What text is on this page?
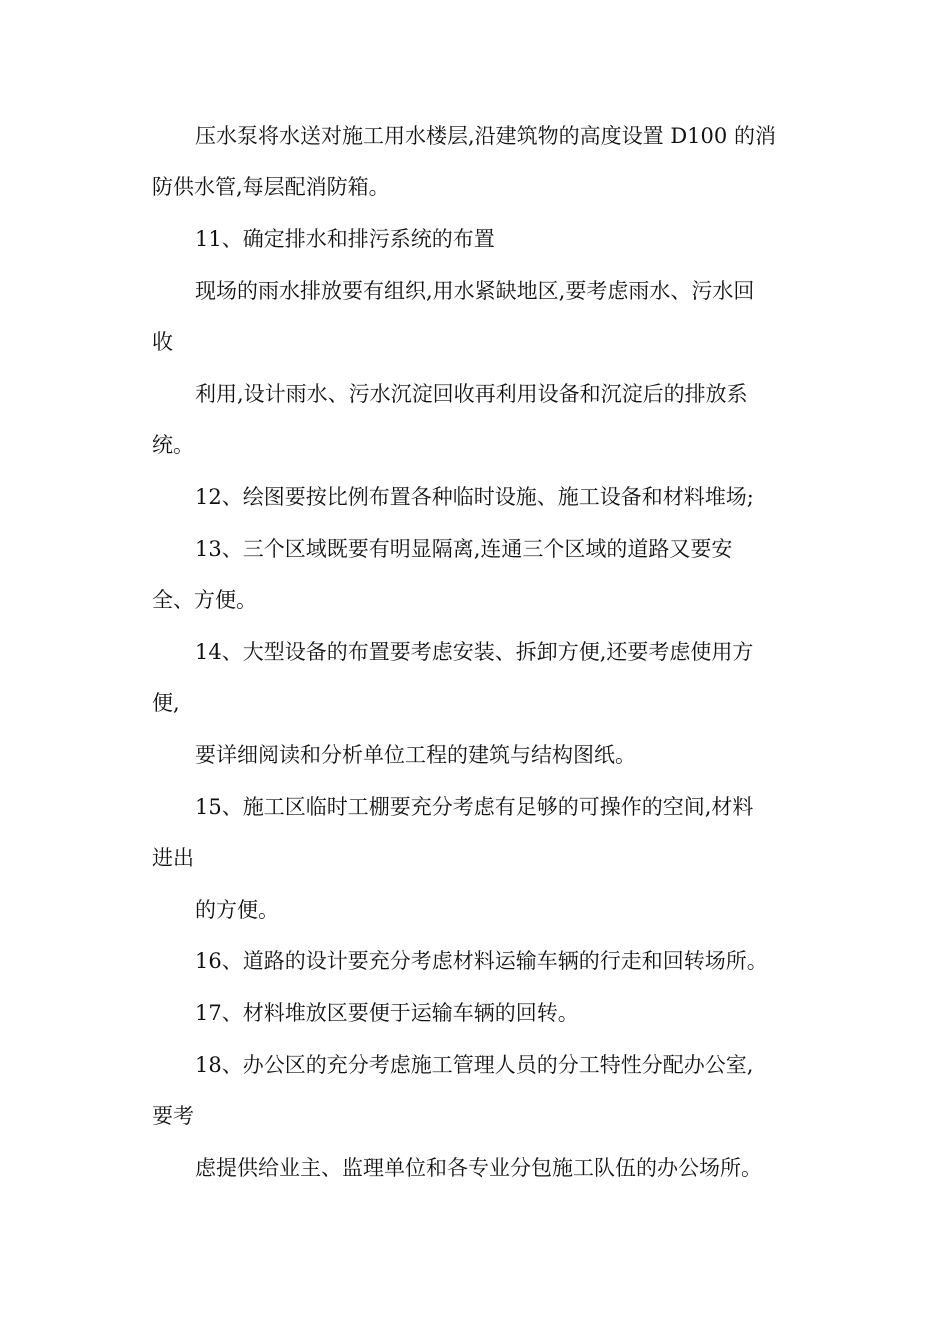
压水泵将水送对施工用水楼层,沿建筑物的高度设置 D100 的消
防供水管,每层配消防箱。
11、确定排水和排污系统的布置
现场的雨水排放要有组织,用水紧缺地区,要考虑雨水、污水回
收
利用,设计雨水、污水沉淀回收再利用设备和沉淀后的排放系
统。
12、绘图要按比例布置各种临时设施、施工设备和材料堆场;
13、三个区域既要有明显隔离,连通三个区域的道路又要安
全、方便。
14、大型设备的布置要考虑安装、拆卸方便,还要考虑使用方
便,
要详细阅读和分析单位工程的建筑与结构图纸。
15、施工区临时工棚要充分考虑有足够的可操作的空间,材料
进出
的方便。
16、道路的设计要充分考虑材料运输车辆的行走和回转场所。
17、材料堆放区要便于运输车辆的回转。
18、办公区的充分考虑施工管理人员的分工特性分配办公室,
要考
虑提供给业主、监理单位和各专业分包施工队伍的办公场所。
